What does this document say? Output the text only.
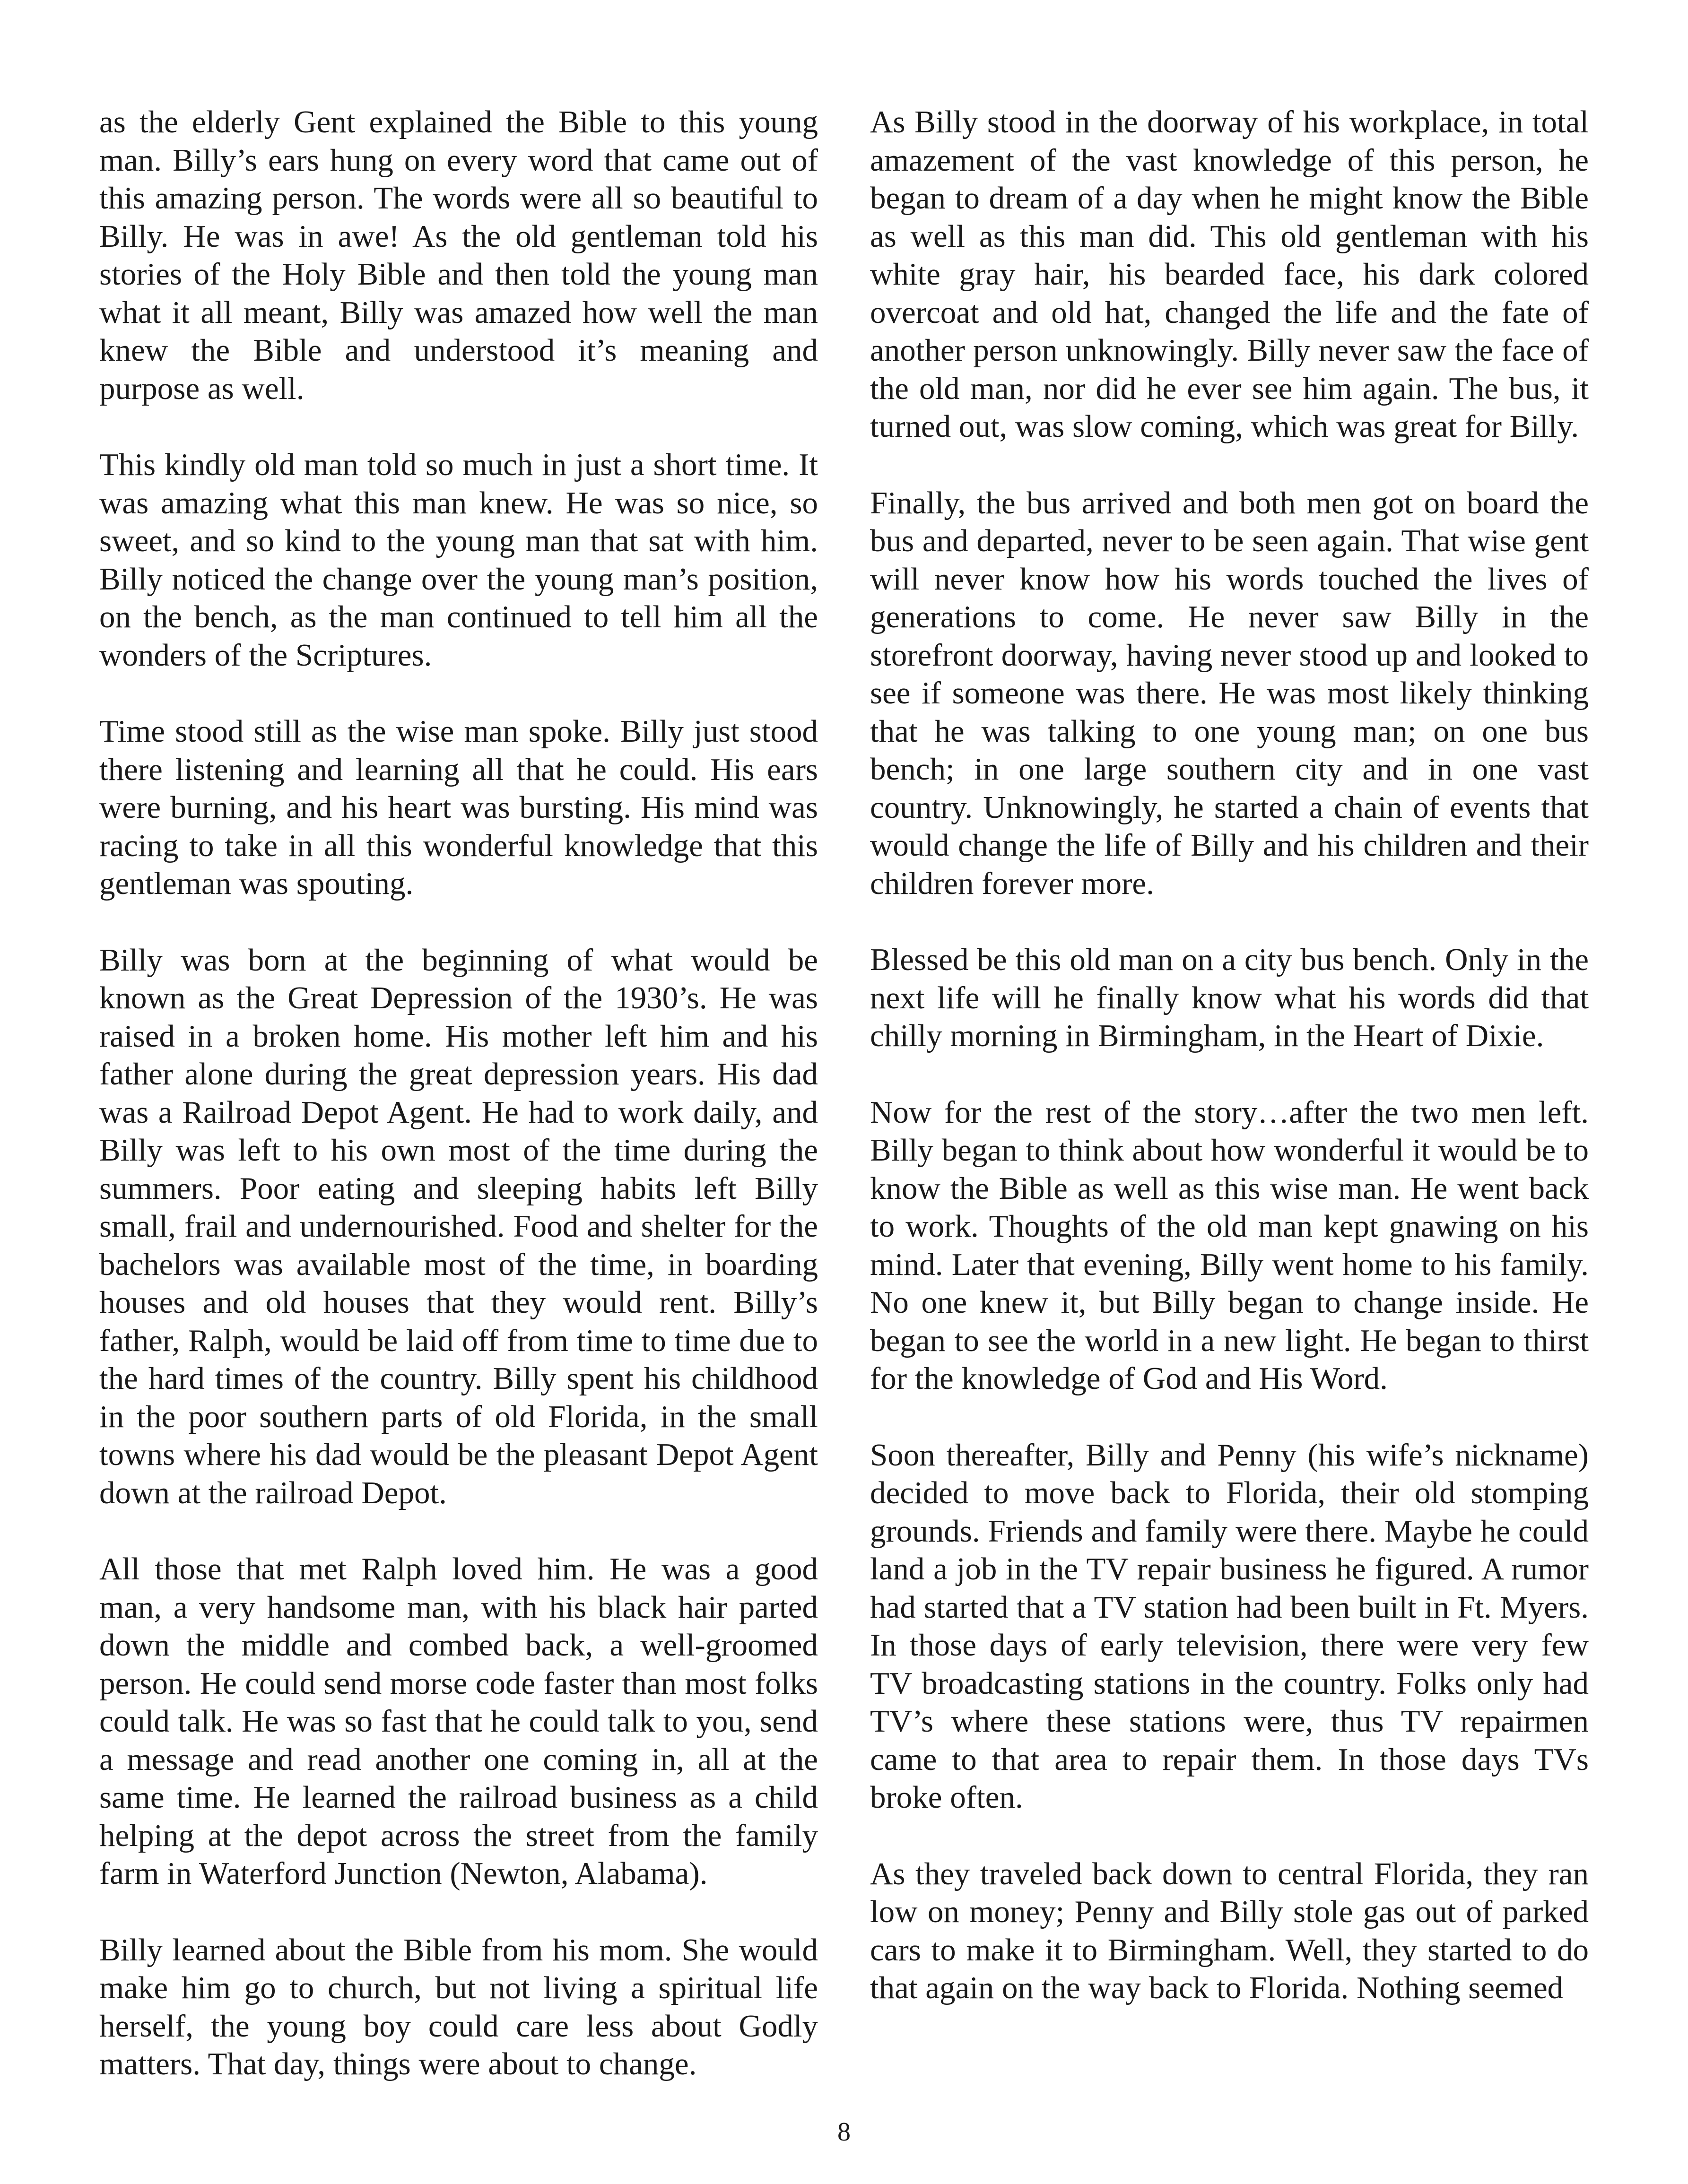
as the elderly Gent explained the Bible to this young man. Billy’s ears hung on every word that came out of this amazing person. The words were all so beautiful to Billy. He was in awe! As the old gentleman told his stories of the Holy Bible and then told the young man what it all meant, Billy was amazed how well the man knew the Bible and understood it’s meaning and purpose as well.

This kindly old man told so much in just a short time. It was amazing what this man knew. He was so nice, so sweet, and so kind to the young man that sat with him. Billy noticed the change over the young man’s position, on the bench, as the man continued to tell him all the wonders of the Scriptures.

Time stood still as the wise man spoke. Billy just stood there listening and learning all that he could. His ears were burning, and his heart was bursting. His mind was racing to take in all this wonderful knowledge that this gentleman was spouting.

Billy was born at the beginning of what would be known as the Great Depression of the 1930’s. He was raised in a broken home. His mother left him and his father alone during the great depression years. His dad was a Railroad Depot Agent. He had to work daily, and Billy was left to his own most of the time during the summers. Poor eating and sleeping habits left Billy small, frail and undernourished. Food and shelter for the bachelors was available most of the time, in boarding houses and old houses that they would rent. Billy’s father, Ralph, would be laid off from time to time due to the hard times of the country. Billy spent his childhood in the poor southern parts of old Florida, in the small towns where his dad would be the pleasant Depot Agent down at the railroad Depot.

All those that met Ralph loved him. He was a good man, a very handsome man, with his black hair parted down the middle and combed back, a well-groomed person. He could send morse code faster than most folks could talk. He was so fast that he could talk to you, send a message and read another one coming in, all at the same time. He learned the railroad business as a child helping at the depot across the street from the family farm in Waterford Junction (Newton, Alabama).

Billy learned about the Bible from his mom. She would make him go to church, but not living a spiritual life herself, the young boy could care less about Godly matters. That day, things were about to change.

As Billy stood in the doorway of his workplace, in total amazement of the vast knowledge of this person, he began to dream of a day when he might know the Bible as well as this man did. This old gentleman with his white gray hair, his bearded face, his dark colored overcoat and old hat, changed the life and the fate of another person unknowingly. Billy never saw the face of the old man, nor did he ever see him again. The bus, it turned out, was slow coming, which was great for Billy.

Finally, the bus arrived and both men got on board the bus and departed, never to be seen again. That wise gent will never know how his words touched the lives of generations to come. He never saw Billy in the storefront doorway, having never stood up and looked to see if someone was there. He was most likely thinking that he was talking to one young man; on one bus bench; in one large southern city and in one vast country. Unknowingly, he started a chain of events that would change the life of Billy and his children and their children forever more.

Blessed be this old man on a city bus bench. Only in the next life will he finally know what his words did that chilly morning in Birmingham, in the Heart of Dixie.

Now for the rest of the story…after the two men left. Billy began to think about how wonderful it would be to know the Bible as well as this wise man. He went back to work. Thoughts of the old man kept gnawing on his mind. Later that evening, Billy went home to his family. No one knew it, but Billy began to change inside. He began to see the world in a new light. He began to thirst for the knowledge of God and His Word.

Soon thereafter, Billy and Penny (his wife’s nickname) decided to move back to Florida, their old stomping grounds. Friends and family were there. Maybe he could land a job in the TV repair business he figured. A rumor had started that a TV station had been built in Ft. Myers. In those days of early television, there were very few TV broadcasting stations in the country. Folks only had TV’s where these stations were, thus TV repairmen came to that area to repair them. In those days TVs broke often.

As they traveled back down to central Florida, they ran low on money; Penny and Billy stole gas out of parked cars to make it to Birmingham. Well, they started to do that again on the way back to Florida. Nothing seemed

8
